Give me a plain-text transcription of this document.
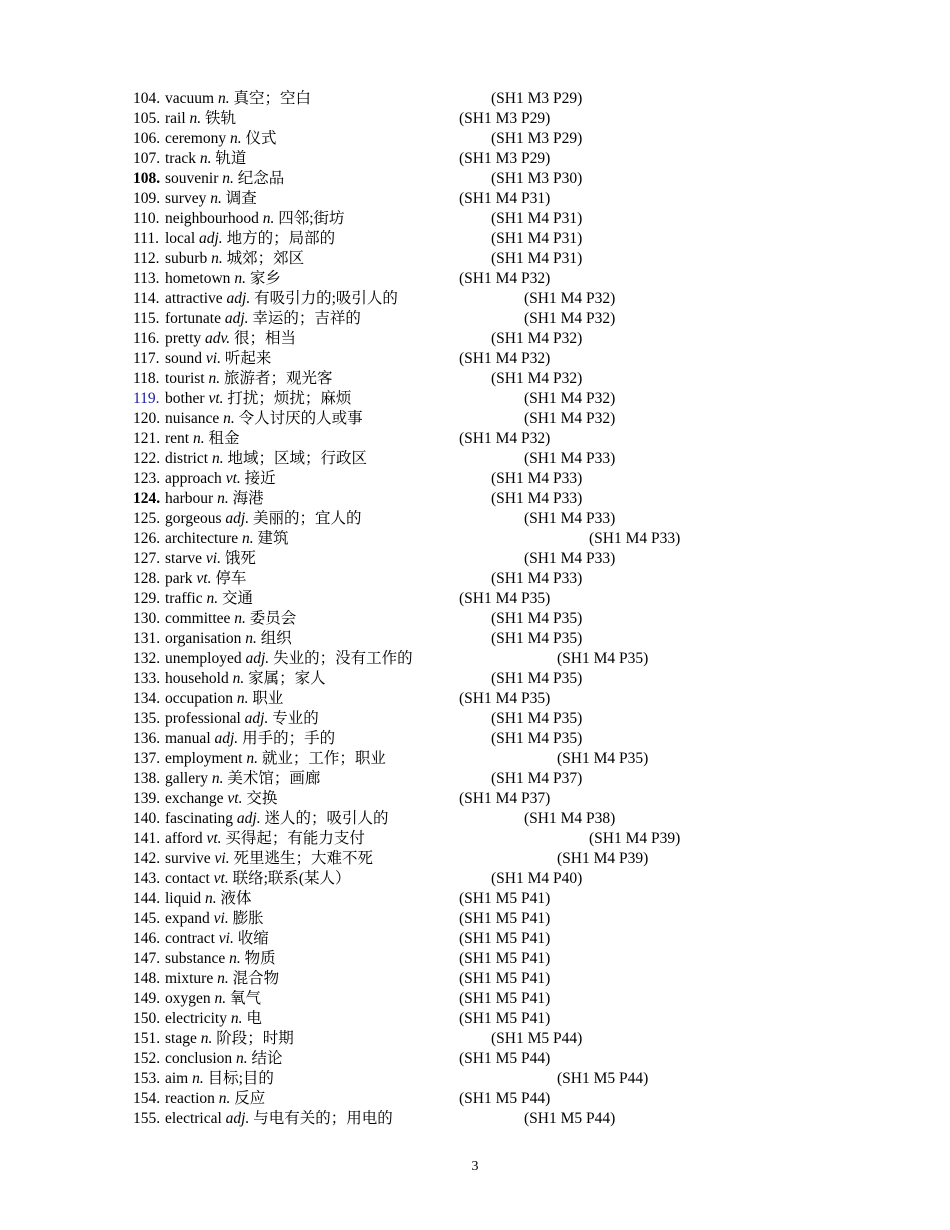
104. vacuum n. 真空；空白	(SH1 M3 P29)
105. rail n. 铁轨	(SH1 M3 P29)
106. ceremony n. 仪式	(SH1 M3 P29)
107. track n. 轨道	(SH1 M3 P29)
108. souvenir n. 纪念品	(SH1 M3 P30)
109. survey n. 调查	(SH1 M4 P31)
110. neighbourhood n. 四邻;街坊	(SH1 M4 P31)
111. local adj. 地方的；局部的	(SH1 M4 P31)
112. suburb n. 城郊；郊区	(SH1 M4 P31)
113. hometown n. 家乡	(SH1 M4 P32)
114. attractive adj. 有吸引力的;吸引人的	(SH1 M4 P32)
115. fortunate adj. 幸运的；吉祥的	(SH1 M4 P32)
116. pretty adv. 很；相当	(SH1 M4 P32)
117. sound vi. 听起来	(SH1 M4 P32)
118. tourist n. 旅游者；观光客	(SH1 M4 P32)
119. bother vt. 打扰；烦扰；麻烦	(SH1 M4 P32)
120. nuisance n. 令人讨厌的人或事	(SH1 M4 P32)
121. rent n. 租金	(SH1 M4 P32)
122. district n. 地域；区域；行政区	(SH1 M4 P33)
123. approach vt. 接近	(SH1 M4 P33)
124. harbour n. 海港	(SH1 M4 P33)
125. gorgeous adj. 美丽的；宜人的	(SH1 M4 P33)
126. architecture n. 建筑	(SH1 M4 P33)
127. starve vi. 饿死	(SH1 M4 P33)
128. park vt. 停车	(SH1 M4 P33)
129. traffic n. 交通	(SH1 M4 P35)
130. committee n. 委员会	(SH1 M4 P35)
131. organisation n. 组织	(SH1 M4 P35)
132. unemployed adj. 失业的；没有工作的	(SH1 M4 P35)
133. household n. 家属；家人	(SH1 M4 P35)
134. occupation n. 职业	(SH1 M4 P35)
135. professional adj. 专业的	(SH1 M4 P35)
136. manual adj. 用手的；手的	(SH1 M4 P35)
137. employment n. 就业；工作；职业	(SH1 M4 P35)
138. gallery n. 美术馆；画廊	(SH1 M4 P37)
139. exchange vt. 交换	(SH1 M4 P37)
140. fascinating adj. 迷人的；吸引人的	(SH1 M4 P38)
141. afford vt. 买得起；有能力支付	(SH1 M4 P39)
142. survive vi. 死里逃生；大难不死	(SH1 M4 P39)
143. contact vt. 联络;联系(某人）	(SH1 M4 P40)
144. liquid n. 液体	(SH1 M5 P41)
145. expand vi. 膨胀	(SH1 M5 P41)
146. contract vi. 收缩	(SH1 M5 P41)
147. substance n. 物质	(SH1 M5 P41)
148. mixture n. 混合物	(SH1 M5 P41)
149. oxygen n. 氧气	(SH1 M5 P41)
150. electricity n. 电	(SH1 M5 P41)
151. stage n. 阶段；时期	(SH1 M5 P44)
152. conclusion n. 结论	(SH1 M5 P44)
153. aim n. 目标;目的	(SH1 M5 P44)
154. reaction n. 反应	(SH1 M5 P44)
155. electrical adj. 与电有关的；用电的	(SH1 M5 P44)
3
